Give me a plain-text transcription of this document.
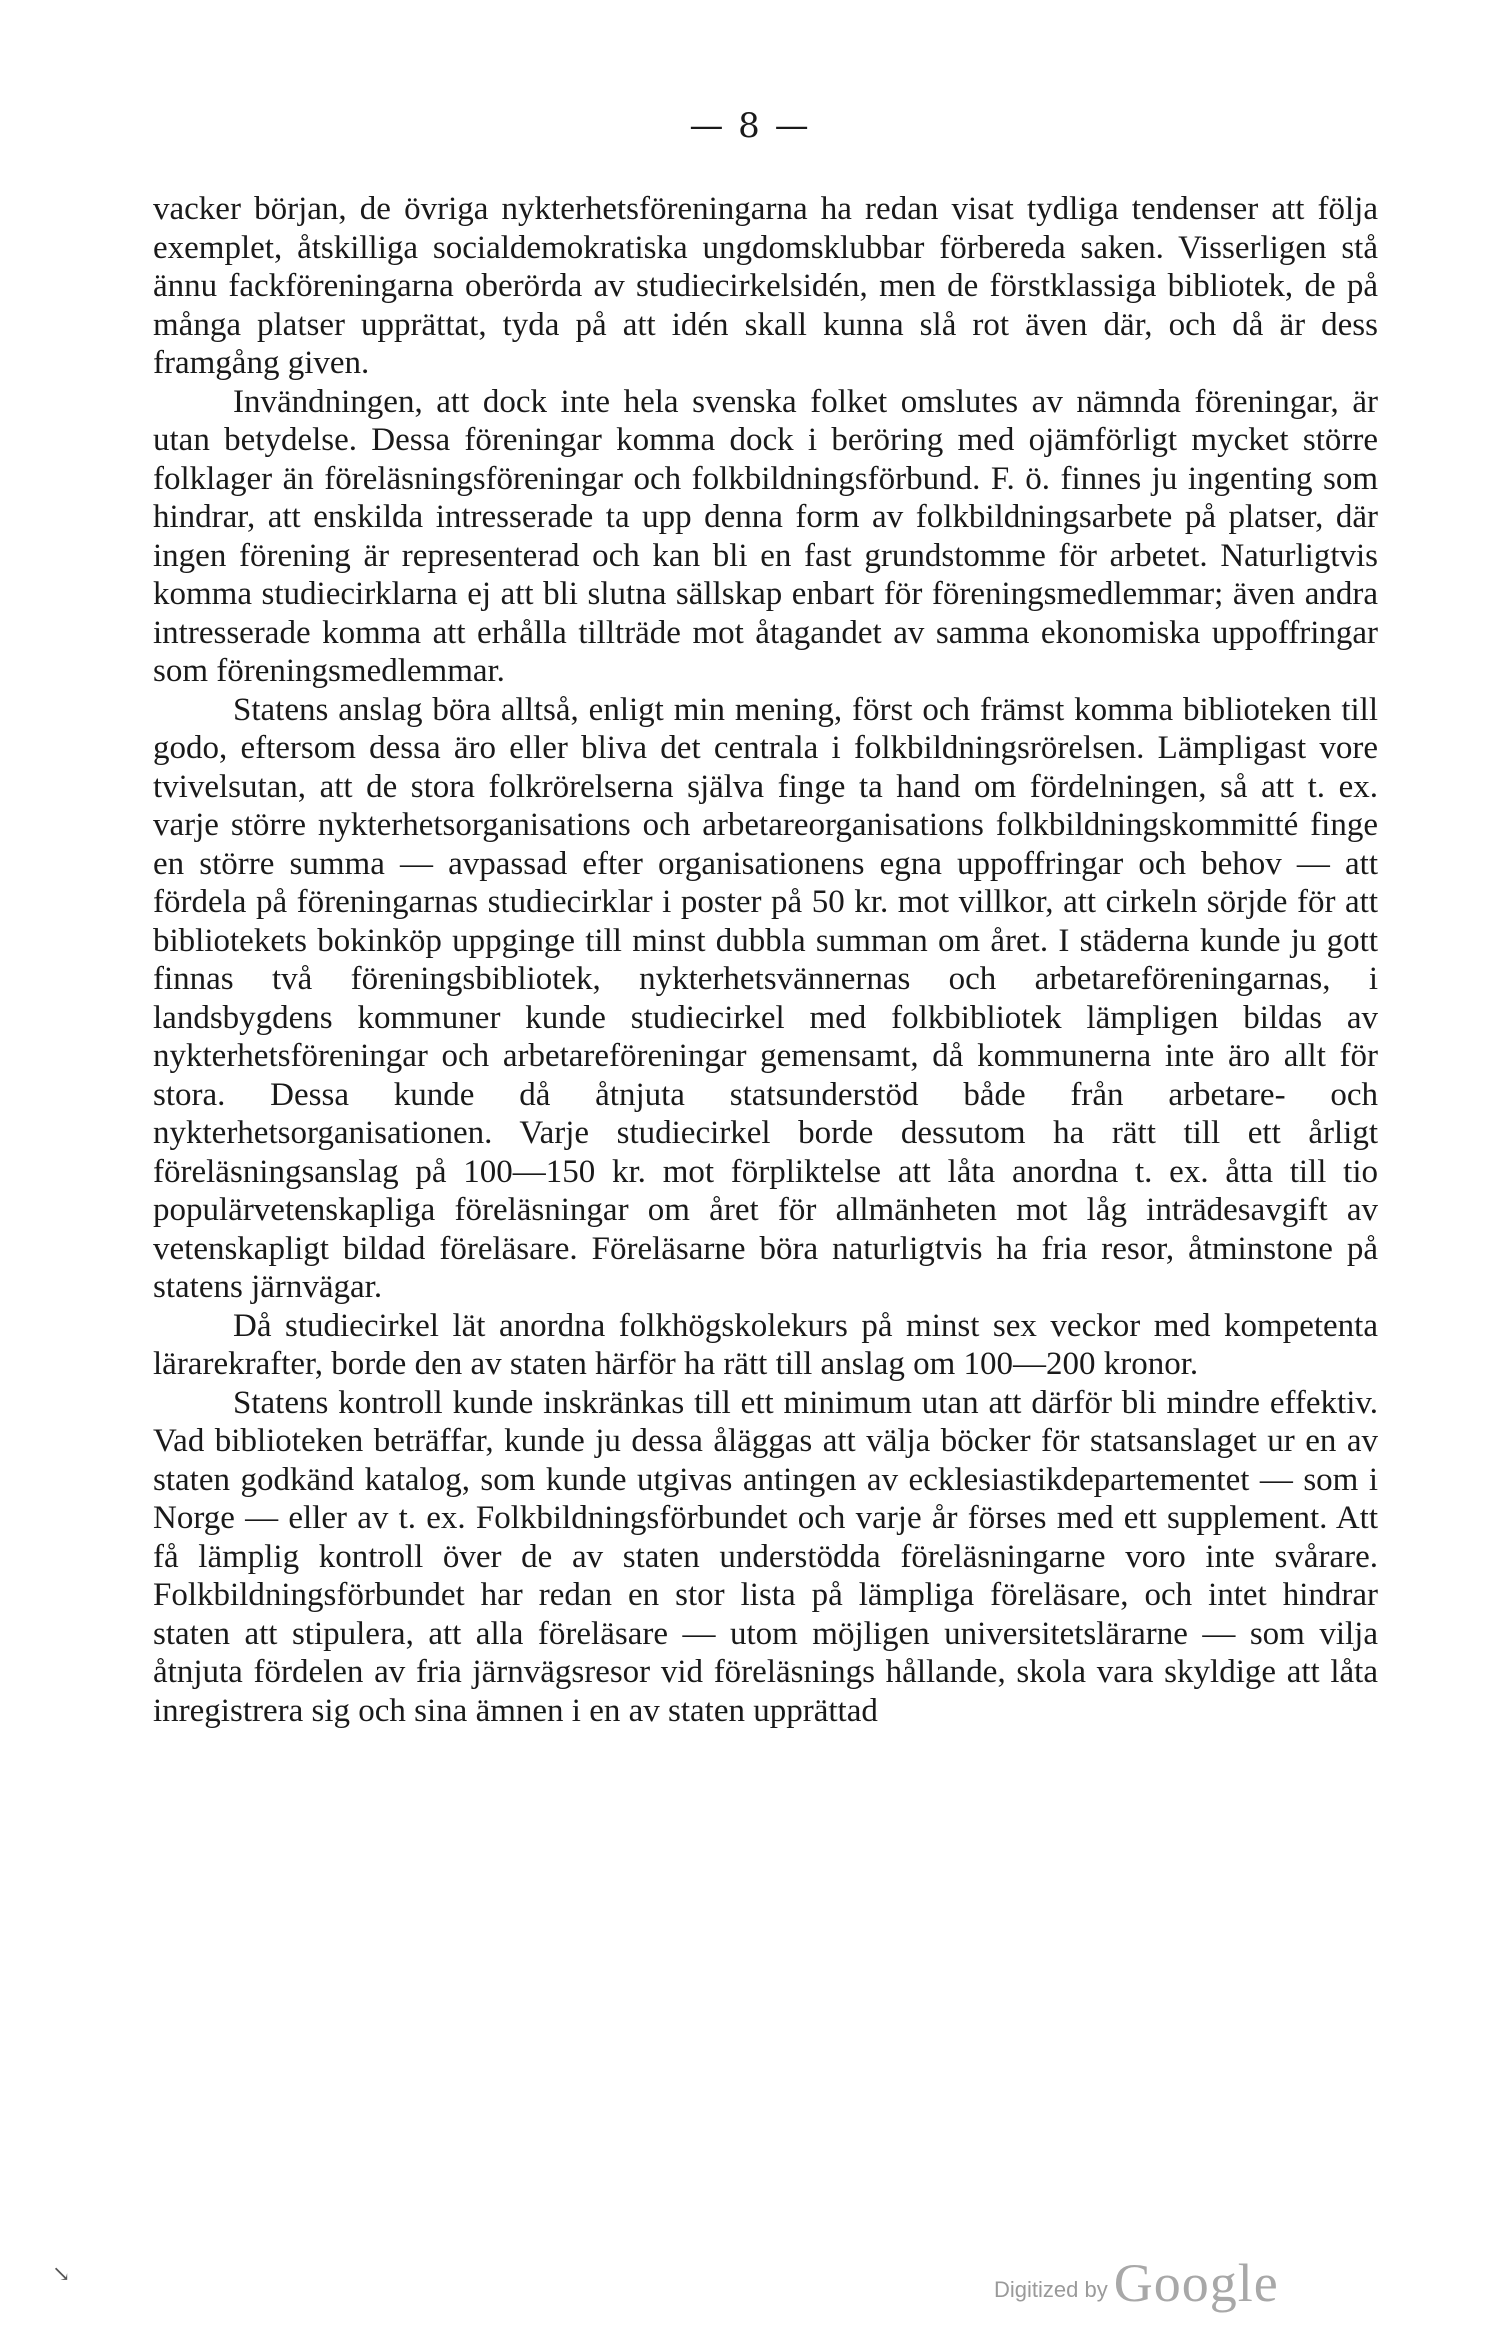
— 8 —

vacker början, de övriga nykterhetsföreningarna ha redan visat tydliga tendenser att följa exemplet, åtskilliga socialdemokratiska ungdomsklubbar förbereda saken. Visserligen stå ännu fackföreningarna oberörda av studiecirkelsidén, men de förstklassiga bibliotek, de på många platser upprättat, tyda på att idén skall kunna slå rot även där, och då är dess framgång given.

Invändningen, att dock inte hela svenska folket omslutes av nämnda föreningar, är utan betydelse. Dessa föreningar komma dock i beröring med ojämförligt mycket större folklager än föreläsningsföreningar och folkbildningsförbund. F. ö. finnes ju ingenting som hindrar, att enskilda intresserade ta upp denna form av folkbildningsarbete på platser, där ingen förening är representerad och kan bli en fast grundstomme för arbetet. Naturligtvis komma studiecirklarna ej att bli slutna sällskap enbart för föreningsmedlemmar; även andra intresserade komma att erhålla tillträde mot åtagandet av samma ekonomiska uppoffringar som föreningsmedlemmar.

Statens anslag böra alltså, enligt min mening, först och främst komma biblioteken till godo, eftersom dessa äro eller bliva det centrala i folkbildningsrörelsen. Lämpligast vore tvivelsutan, att de stora folkrörelserna själva finge ta hand om fördelningen, så att t. ex. varje större nykterhetsorganisations och arbetareorganisations folkbildningskommitté finge en större summa — avpassad efter organisationens egna uppoffringar och behov — att fördela på föreningarnas studiecirklar i poster på 50 kr. mot villkor, att cirkeln sörjde för att bibliotekets bokinköp uppginge till minst dubbla summan om året. I städerna kunde ju gott finnas två föreningsbibliotek, nykterhetsvännernas och arbetareföreningarnas, i landsbygdens kommuner kunde studiecirkel med folkbibliotek lämpligen bildas av nykterhetsföreningar och arbetareföreningar gemensamt, då kommunerna inte äro allt för stora. Dessa kunde då åtnjuta statsunderstöd både från arbetare- och nykterhetsorganisationen. Varje studiecirkel borde dessutom ha rätt till ett årligt föreläsningsanslag på 100—150 kr. mot förpliktelse att låta anordna t. ex. åtta till tio populärvetenskapliga föreläsningar om året för allmänheten mot låg inträdesavgift av vetenskapligt bildad föreläsare. Föreläsarne böra naturligtvis ha fria resor, åtminstone på statens järnvägar.

Då studiecirkel lät anordna folkhögskolekurs på minst sex veckor med kompetenta lärarekrafter, borde den av staten härför ha rätt till anslag om 100—200 kronor.

Statens kontroll kunde inskränkas till ett minimum utan att därför bli mindre effektiv. Vad biblioteken beträffar, kunde ju dessa åläggas att välja böcker för statsanslaget ur en av staten godkänd katalog, som kunde utgivas antingen av ecklesiastikdepartementet — som i Norge — eller av t. ex. Folkbildningsförbundet och varje år förses med ett supplement. Att få lämplig kontroll över de av staten understödda föreläsningarne voro inte svårare. Folkbildningsförbundet har redan en stor lista på lämpliga föreläsare, och intet hindrar staten att stipulera, att alla föreläsare — utom möjligen universitetslärarne — som vilja åtnjuta fördelen av fria järnvägsresor vid föreläsnings hållande, skola vara skyldige att låta inregistrera sig och sina ämnen i en av staten upprättad

↘
Digitized by Google
